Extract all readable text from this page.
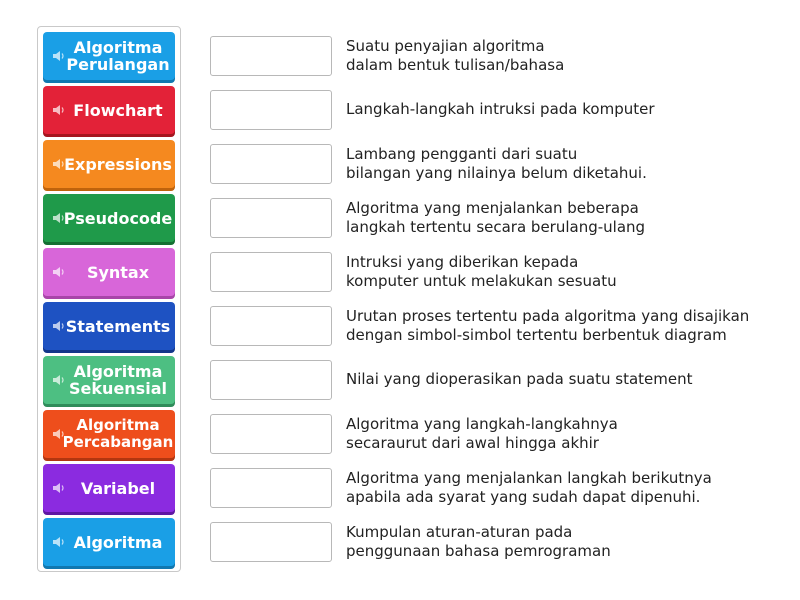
Algoritma
Perulangan
Flowchart
Expressions
Pseudocode
Syntax
Statements
Algoritma
Sekuensial
Algoritma
Percabangan
Variabel
Algoritma
Suatu penyajian algoritma
dalam bentuk tulisan/bahasa
Langkah-langkah intruksi pada komputer
Lambang pengganti dari suatu
bilangan yang nilainya belum diketahui.
Algoritma yang menjalankan beberapa
langkah tertentu secara berulang-ulang
Intruksi yang diberikan kepada
komputer untuk melakukan sesuatu
Urutan proses tertentu pada algoritma yang disajikan
dengan simbol-simbol tertentu berbentuk diagram
Nilai yang dioperasikan pada suatu statement
Algoritma yang langkah-langkahnya
secaraurut dari awal hingga akhir
Algoritma yang menjalankan langkah berikutnya
apabila ada syarat yang sudah dapat dipenuhi.
Kumpulan aturan-aturan pada
penggunaan bahasa pemrograman
